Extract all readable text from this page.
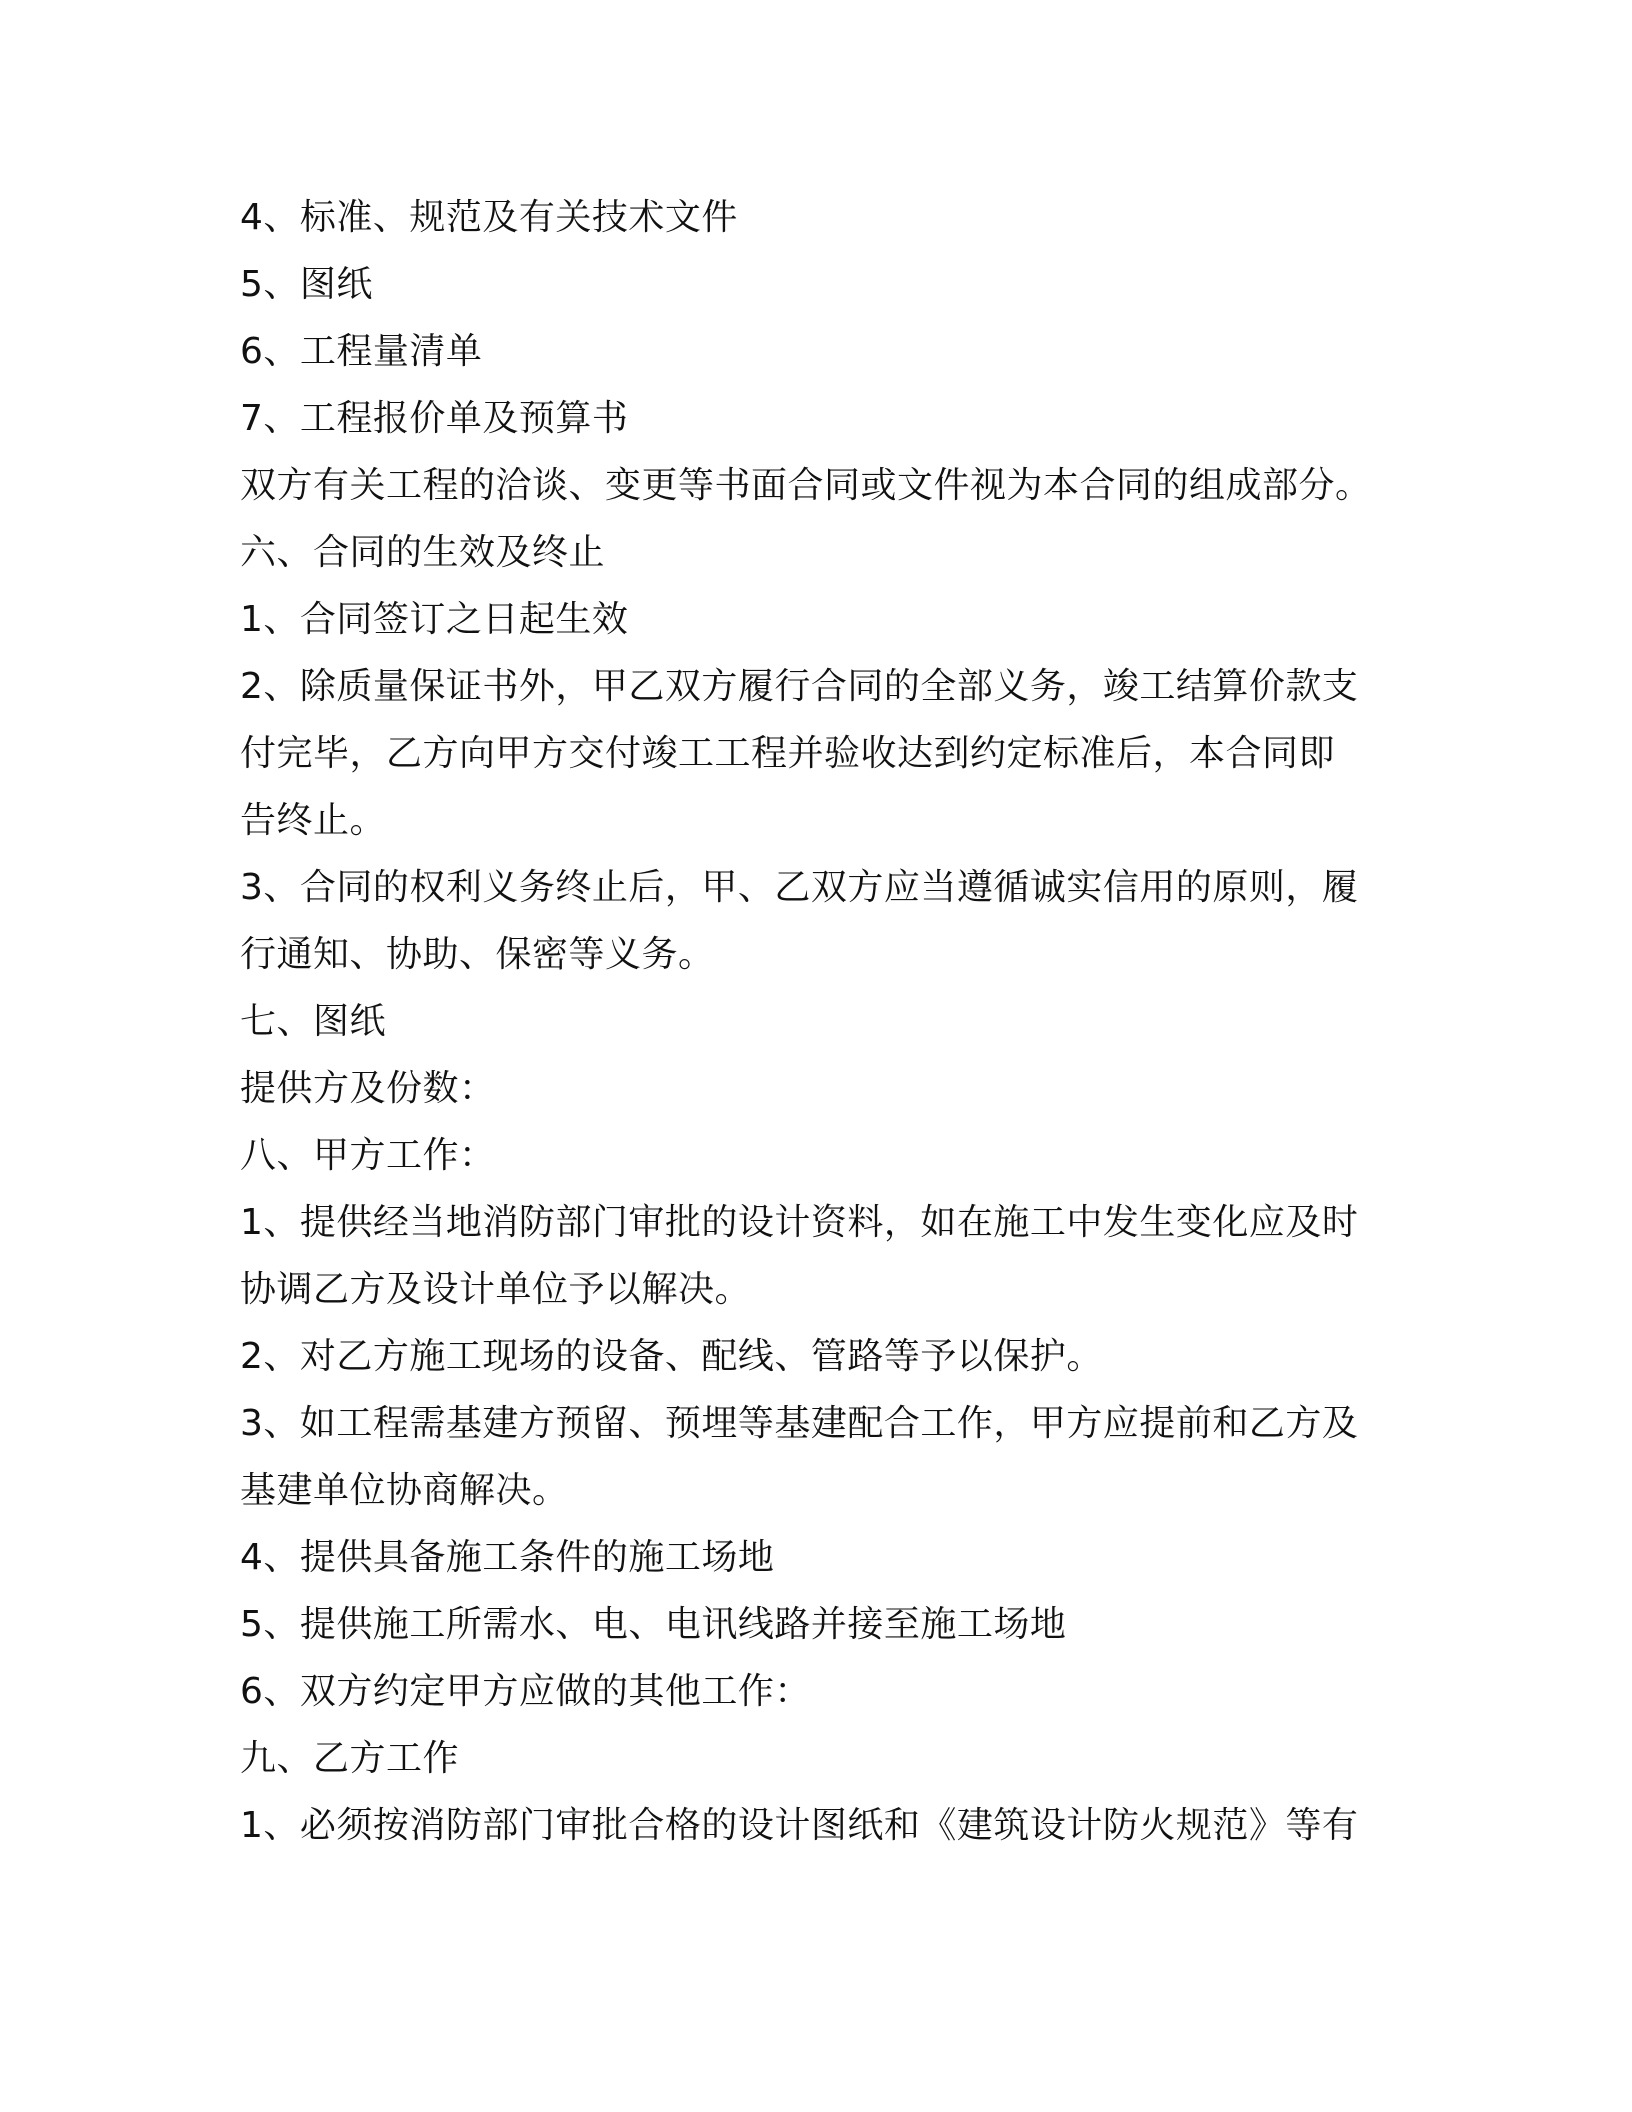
4、标准、规范及有关技术文件
5、图纸
6、工程量清单
7、工程报价单及预算书
双方有关工程的洽谈、变更等书面合同或文件视为本合同的组成部分。
六、合同的生效及终止
1、合同签订之日起生效
2、除质量保证书外，甲乙双方履行合同的全部义务，竣工结算价款支
付完毕，乙方向甲方交付竣工工程并验收达到约定标准后，本合同即
告终止。
3、合同的权利义务终止后，甲、乙双方应当遵循诚实信用的原则，履
行通知、协助、保密等义务。
七、图纸
提供方及份数：
八、甲方工作：
1、提供经当地消防部门审批的设计资料，如在施工中发生变化应及时
协调乙方及设计单位予以解决。
2、对乙方施工现场的设备、配线、管路等予以保护。
3、如工程需基建方预留、预埋等基建配合工作，甲方应提前和乙方及
基建单位协商解决。
4、提供具备施工条件的施工场地
5、提供施工所需水、电、电讯线路并接至施工场地
6、双方约定甲方应做的其他工作：
九、乙方工作
1、必须按消防部门审批合格的设计图纸和《建筑设计防火规范》等有
